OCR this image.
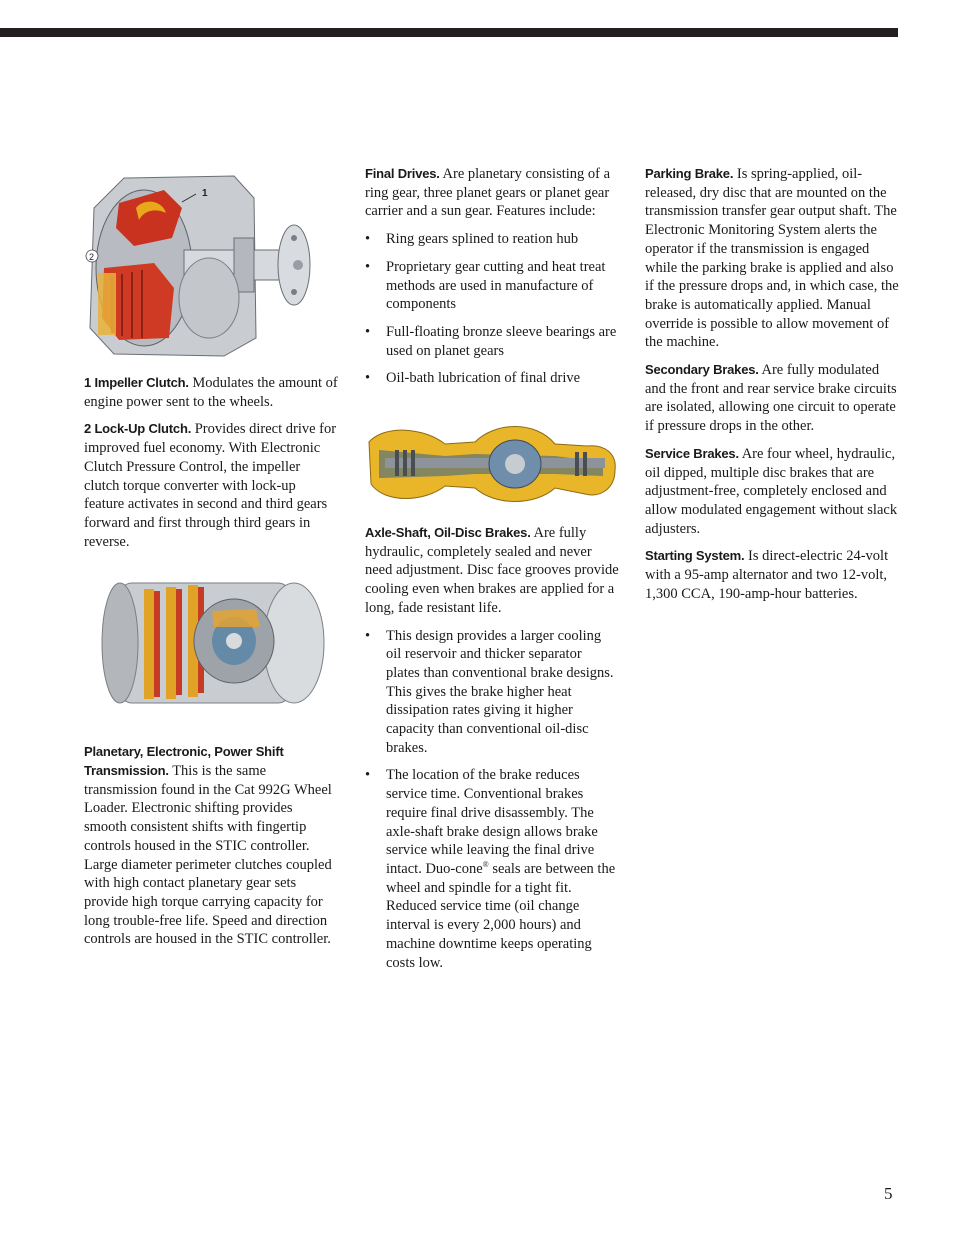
1
2

1 Impeller Clutch. Modulates the amount of engine power sent to the wheels.

2 Lock-Up Clutch. Provides direct drive for improved fuel economy. With Electronic Clutch Pressure Control, the impeller clutch torque converter with lock-up feature activates in second and third gears forward and first through third gears in reverse.

Planetary, Electronic, Power Shift Transmission. This is the same transmission found in the Cat 992G Wheel Loader. Electronic shifting provides smooth consistent shifts with fingertip controls housed in the STIC controller. Large diameter perimeter clutches coupled with high contact planetary gear sets provide high torque carrying capacity for long trouble-free life. Speed and direction controls are housed in the STIC controller.

Final Drives. Are planetary consisting of a ring gear, three planet gears or planet gear carrier and a sun gear. Features include:

• Ring gears splined to reation hub
• Proprietary gear cutting and heat treat methods are used in manufacture of components
• Full-floating bronze sleeve bearings are used on planet gears
• Oil-bath lubrication of final drive

Axle-Shaft, Oil-Disc Brakes. Are fully hydraulic, completely sealed and never need adjustment. Disc face grooves provide cooling even when brakes are applied for a long, fade resistant life.

• This design provides a larger cooling oil reservoir and thicker separator plates than conventional brake designs. This gives the brake higher heat dissipation rates giving it higher capacity than conventional oil-disc brakes.
• The location of the brake reduces service time. Conventional brakes require final drive disassembly. The axle-shaft brake design allows brake service while leaving the final drive intact. Duo-cone® seals are between the wheel and spindle for a tight fit. Reduced service time (oil change interval is every 2,000 hours) and machine downtime keeps operating costs low.

Parking Brake. Is spring-applied, oil-released, dry disc that are mounted on the transmission transfer gear output shaft. The Electronic Monitoring System alerts the operator if the transmission is engaged while the parking brake is applied and also if the pressure drops and, in which case, the brake is automatically applied. Manual override is possible to allow movement of the machine.

Secondary Brakes. Are fully modulated and the front and rear service brake circuits are isolated, allowing one circuit to operate if pressure drops in the other.

Service Brakes. Are four wheel, hydraulic, oil dipped, multiple disc brakes that are adjustment-free, completely enclosed and allow modulated engagement without slack adjusters.

Starting System. Is direct-electric 24-volt with a 95-amp alternator and two 12-volt, 1,300 CCA, 190-amp-hour batteries.

5
